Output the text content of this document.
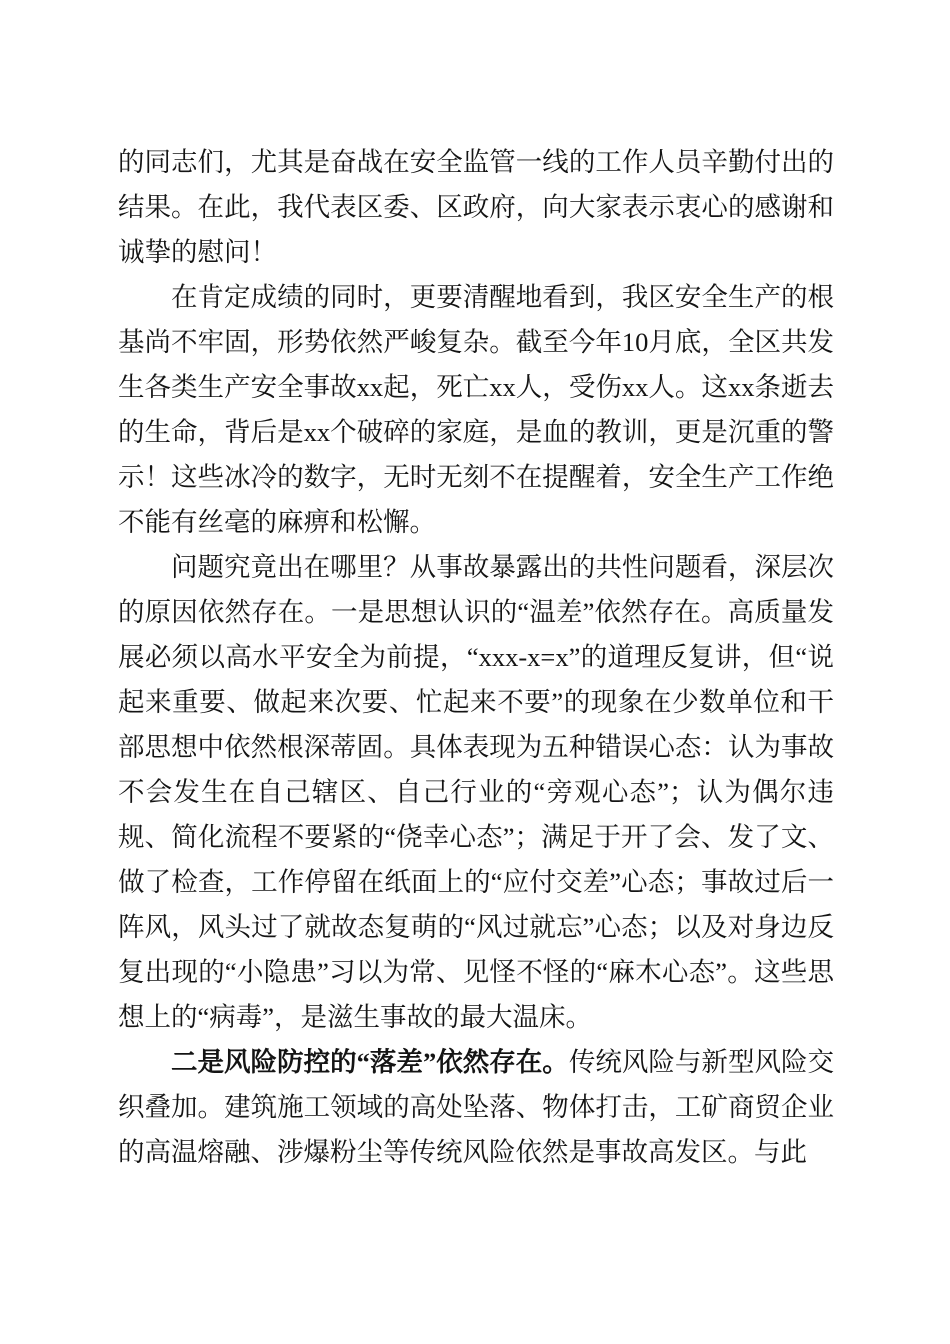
的同志们，尤其是奋战在安全监管一线的工作人员辛勤付出的结果。在此，我代表区委、区政府，向大家表示衷心的感谢和诚挚的慰问！

在肯定成绩的同时，更要清醒地看到，我区安全生产的根基尚不牢固，形势依然严峻复杂。截至今年10月底，全区共发生各类生产安全事故xx起，死亡xx人，受伤xx人。这xx条逝去的生命，背后是xx个破碎的家庭，是血的教训，更是沉重的警示！这些冰冷的数字，无时无刻不在提醒着，安全生产工作绝不能有丝毫的麻痹和松懈。

问题究竟出在哪里？从事故暴露出的共性问题看，深层次的原因依然存在。一是思想认识的“温差”依然存在。高质量发展必须以高水平安全为前提，“xxx-x=x”的道理反复讲，但“说起来重要、做起来次要、忙起来不要”的现象在少数单位和干部思想中依然根深蒂固。具体表现为五种错误心态：认为事故不会发生在自己辖区、自己行业的“旁观心态”；认为偶尔违规、简化流程不要紧的“侥幸心态”；满足于开了会、发了文、做了检查，工作停留在纸面上的“应付交差”心态；事故过后一阵风，风头过了就故态复萌的“风过就忘”心态；以及对身边反复出现的“小隐患”习以为常、见怪不怪的“麻木心态”。这些思想上的“病毒”，是滋生事故的最大温床。

二是风险防控的“落差”依然存在。传统风险与新型风险交织叠加。建筑施工领域的高处坠落、物体打击，工矿商贸企业的高温熔融、涉爆粉尘等传统风险依然是事故高发区。与此
